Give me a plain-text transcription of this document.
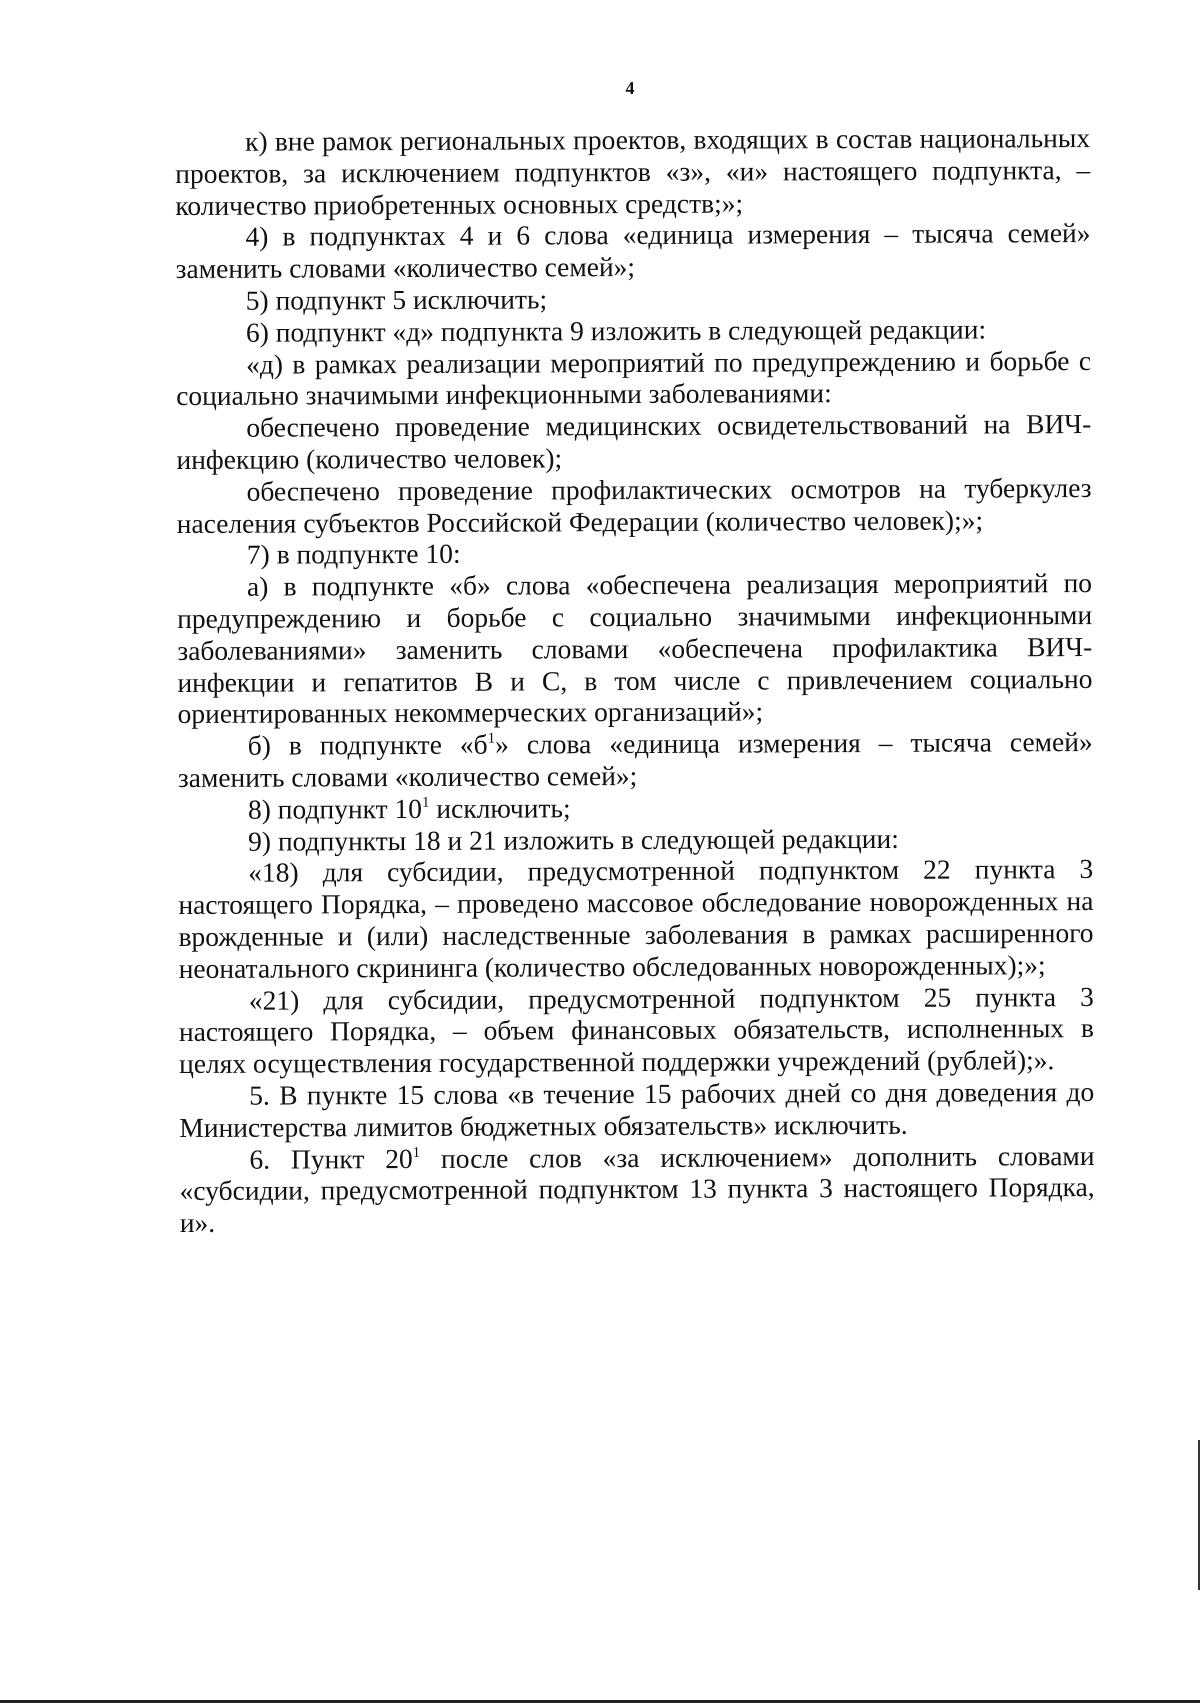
4

к) вне рамок региональных проектов, входящих в состав национальных проектов, за исключением подпунктов «з», «и» настоящего подпункта, – количество приобретенных основных средств;»;

4) в подпунктах 4 и 6 слова «единица измерения – тысяча семей» заменить словами «количество семей»;

5) подпункт 5 исключить;

6) подпункт «д» подпункта 9 изложить в следующей редакции:

«д) в рамках реализации мероприятий по предупреждению и борьбе с социально значимыми инфекционными заболеваниями:

обеспечено проведение медицинских освидетельствований на ВИЧ-инфекцию (количество человек);

обеспечено проведение профилактических осмотров на туберкулез населения субъектов Российской Федерации (количество человек);»;

7) в подпункте 10:

а) в подпункте «б» слова «обеспечена реализация мероприятий по предупреждению и борьбе с социально значимыми инфекционными заболеваниями» заменить словами «обеспечена профилактика ВИЧ-инфекции и гепатитов В и С, в том числе с привлечением социально ориентированных некоммерческих организаций»;

б) в подпункте «$б^1$» слова «единица измерения – тысяча семей» заменить словами «количество семей»;

8) подпункт $10^1$ исключить;

9) подпункты 18 и 21 изложить в следующей редакции:

«18) для субсидии, предусмотренной подпунктом 22 пункта 3 настоящего Порядка, – проведено массовое обследование новорожденных на врожденные и (или) наследственные заболевания в рамках расширенного неонатального скрининга (количество обследованных новорожденных);»;

«21) для субсидии, предусмотренной подпунктом 25 пункта 3 настоящего Порядка, – объем финансовых обязательств, исполненных в целях осуществления государственной поддержки учреждений (рублей);».

5. В пункте 15 слова «в течение 15 рабочих дней со дня доведения до Министерства лимитов бюджетных обязательств» исключить.

6. Пункт $20^1$ после слов «за исключением» дополнить словами «субсидии, предусмотренной подпунктом 13 пункта 3 настоящего Порядка, и».
